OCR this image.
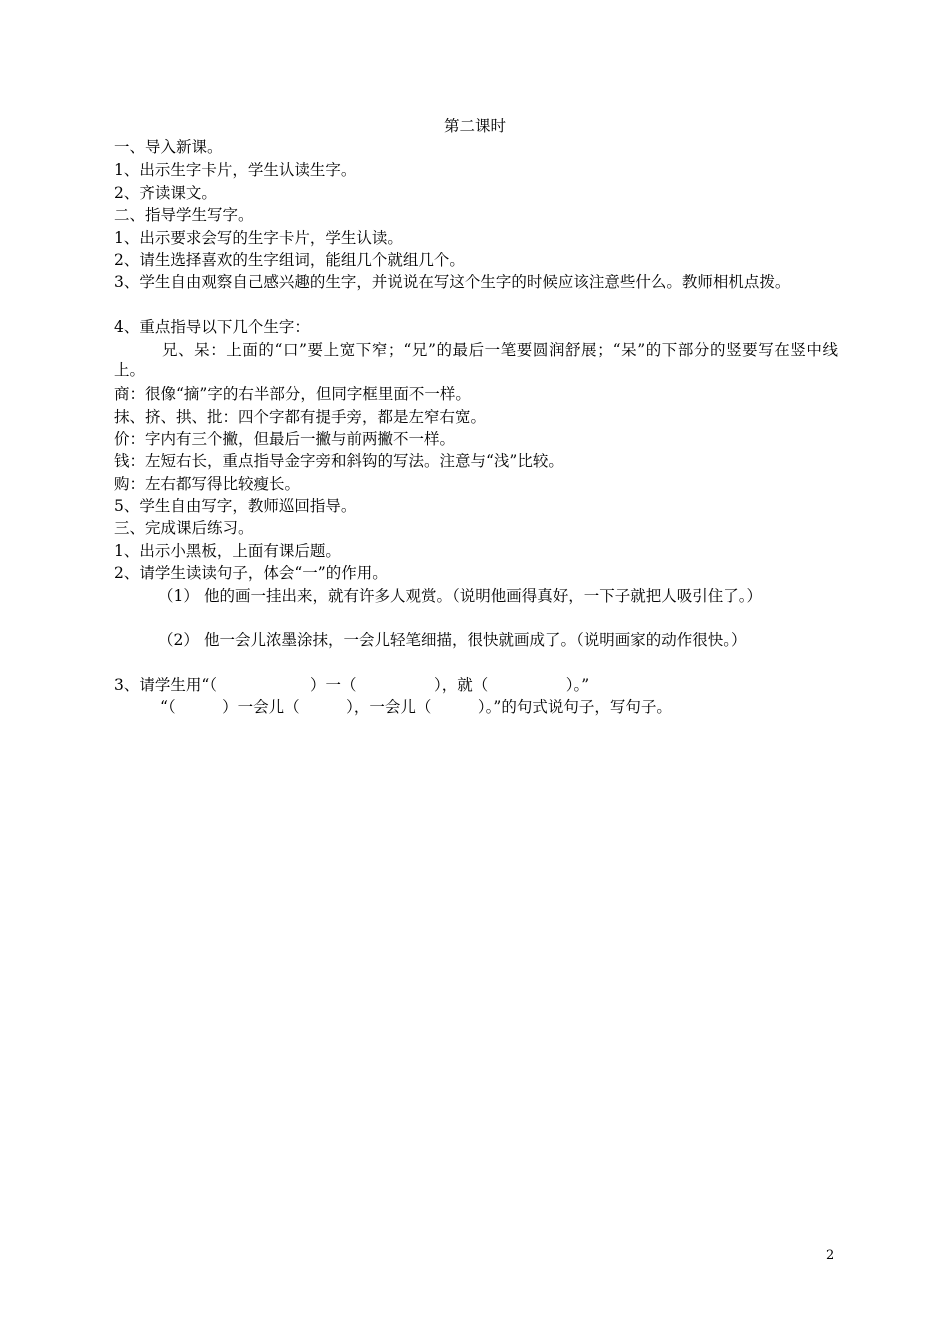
第二课时
一、导入新课。
1、出示生字卡片，学生认读生字。
2、齐读课文。
二、指导学生写字。
1、出示要求会写的生字卡片，学生认读。
2、请生选择喜欢的生字组词，能组几个就组几个。
3、学生自由观察自己感兴趣的生字，并说说在写这个生字的时候应该注意些什么。教师相机点拨。
4、重点指导以下几个生字：
兄、呆：上面的“口”要上宽下窄；“兄”的最后一笔要圆润舒展；“呆”的下部分的竖要写在竖中线上。
商：很像“摘”字的右半部分，但同字框里面不一样。
抹、挤、拱、批：四个字都有提手旁，都是左窄右宽。
价：字内有三个撇，但最后一撇与前两撇不一样。
钱：左短右长，重点指导金字旁和斜钩的写法。注意与“浅”比较。
购：左右都写得比较瘦长。
5、学生自由写字，教师巡回指导。
三、完成课后练习。
1、出示小黑板，上面有课后题。
2、请学生读读句子，体会“一”的作用。
（1） 他的画一挂出来，就有许多人观赏。（说明他画得真好，一下子就把人吸引住了。）
（2） 他一会儿浓墨涂抹，一会儿轻笔细描，很快就画成了。（说明画家的动作很快。）
3、请学生用“（　　　　　　）一（　　　　　），就（　　　　　）。”
“（　　　）一会儿（　　　），一会儿（　　　）。”的句式说句子，写句子。
2
